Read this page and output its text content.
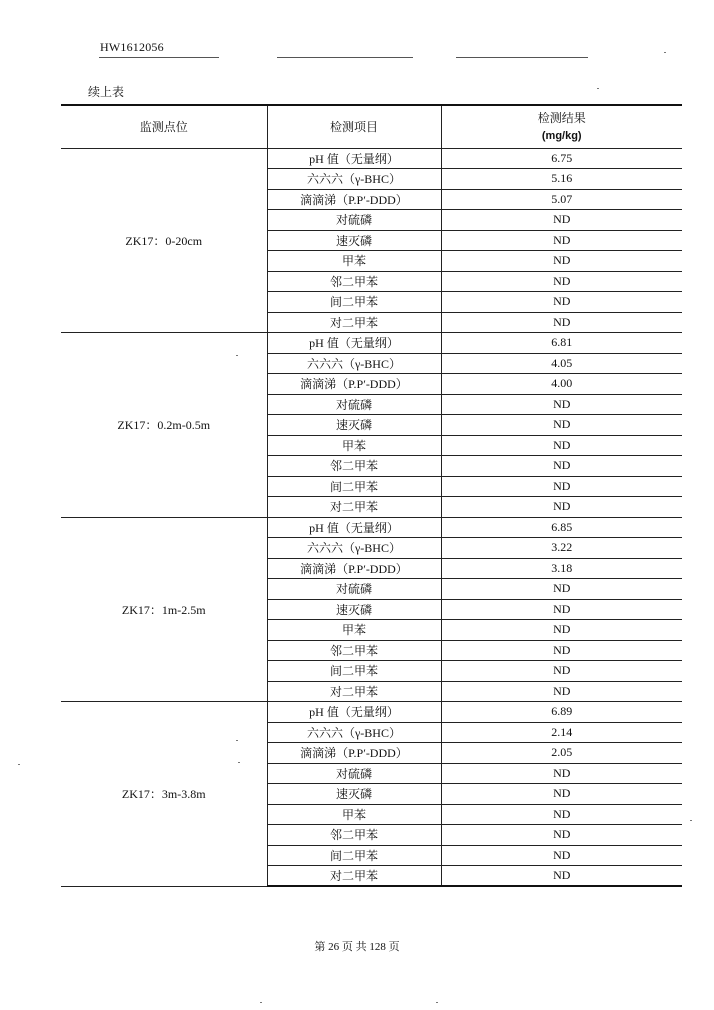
HW1612056
续上表
监测点位	检测项目	检测结果
(mg/kg)

ZK17：0-20cm	pH 值（无量纲）	6.75
	六六六（γ-BHC）	5.16
	滴滴涕（P.P′-DDD）	5.07
	对硫磷	ND
	速灭磷	ND
	甲苯	ND
	邻二甲苯	ND
	间二甲苯	ND
	对二甲苯	ND
ZK17：0.2m-0.5m	pH 值（无量纲）	6.81
	六六六（γ-BHC）	4.05
	滴滴涕（P.P′-DDD）	4.00
	对硫磷	ND
	速灭磷	ND
	甲苯	ND
	邻二甲苯	ND
	间二甲苯	ND
	对二甲苯	ND
ZK17：1m-2.5m	pH 值（无量纲）	6.85
	六六六（γ-BHC）	3.22
	滴滴涕（P.P′-DDD）	3.18
	对硫磷	ND
	速灭磷	ND
	甲苯	ND
	邻二甲苯	ND
	间二甲苯	ND
	对二甲苯	ND
ZK17：3m-3.8m	pH 值（无量纲）	6.89
	六六六（γ-BHC）	2.14
	滴滴涕（P.P′-DDD）	2.05
	对硫磷	ND
	速灭磷	ND
	甲苯	ND
	邻二甲苯	ND
	间二甲苯	ND
	对二甲苯	ND
第 26 页 共 128 页
